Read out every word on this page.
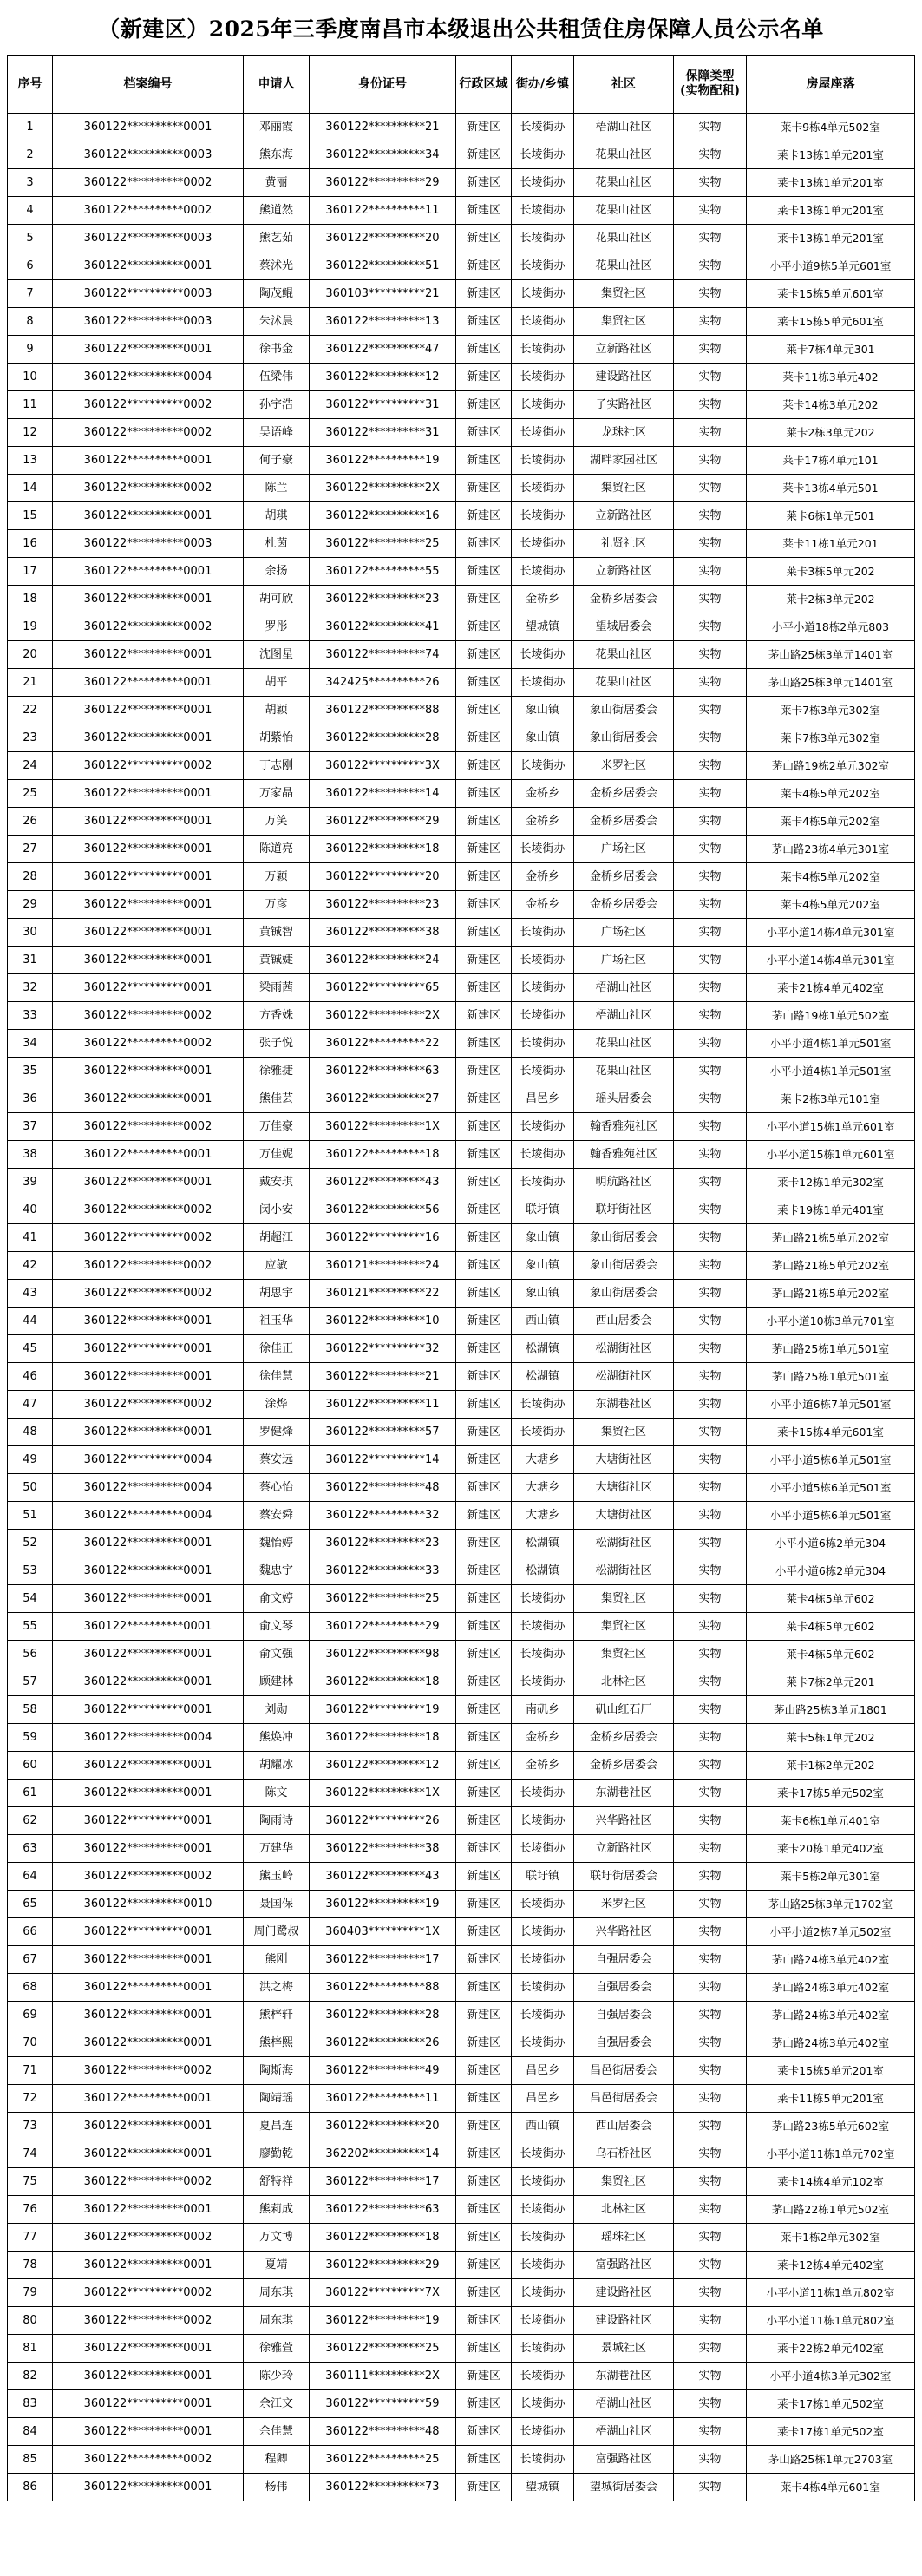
（新建区）2025年三季度南昌市本级退出公共租赁住房保障人员公示名单
序号	档案编号	申请人	身份证号	行政区域	街办/乡镇	社区	保障类型
(实物配租)	房屋座落
1	360122**********0001	邓丽霞	360122**********21	新建区	长堎街办	梧湖山社区	实物	莱卡9栋4单元502室
2	360122**********0003	熊东海	360122**********34	新建区	长堎街办	花果山社区	实物	莱卡13栋1单元201室
3	360122**********0002	黄丽	360122**********29	新建区	长堎街办	花果山社区	实物	莱卡13栋1单元201室
4	360122**********0002	熊道然	360122**********11	新建区	长堎街办	花果山社区	实物	莱卡13栋1单元201室
5	360122**********0003	熊艺茹	360122**********20	新建区	长堎街办	花果山社区	实物	莱卡13栋1单元201室
6	360122**********0001	蔡沭光	360122**********51	新建区	长堎街办	花果山社区	实物	小平小道9栋5单元601室
7	360122**********0003	陶茂鲲	360103**********21	新建区	长堎街办	集贸社区	实物	莱卡15栋5单元601室
8	360122**********0003	朱沭晨	360122**********13	新建区	长堎街办	集贸社区	实物	莱卡15栋5单元601室
9	360122**********0001	徐书金	360122**********47	新建区	长堎街办	立新路社区	实物	莱卡7栋4单元301
10	360122**********0004	伍梁伟	360122**********12	新建区	长堎街办	建设路社区	实物	莱卡11栋3单元402
11	360122**********0002	孙宇浩	360122**********31	新建区	长堎街办	子实路社区	实物	莱卡14栋3单元202
12	360122**********0002	吴语峰	360122**********31	新建区	长堎街办	龙珠社区	实物	莱卡2栋3单元202
13	360122**********0001	何子豪	360122**********19	新建区	长堎街办	湖畔家园社区	实物	莱卡17栋4单元101
14	360122**********0002	陈兰	360122**********2X	新建区	长堎街办	集贸社区	实物	莱卡13栋4单元501
15	360122**********0001	胡琪	360122**********16	新建区	长堎街办	立新路社区	实物	莱卡6栋1单元501
16	360122**********0003	杜茵	360122**********25	新建区	长堎街办	礼贤社区	实物	莱卡11栋1单元201
17	360122**********0001	余扬	360122**********55	新建区	长堎街办	立新路社区	实物	莱卡3栋5单元202
18	360122**********0001	胡可欣	360122**********23	新建区	金桥乡	金桥乡居委会	实物	莱卡2栋3单元202
19	360122**********0002	罗彤	360122**********41	新建区	望城镇	望城居委会	实物	小平小道18栋2单元803
20	360122**********0001	沈图星	360122**********74	新建区	长堎街办	花果山社区	实物	茅山路25栋3单元1401室
21	360122**********0001	胡平	342425**********26	新建区	长堎街办	花果山社区	实物	茅山路25栋3单元1401室
22	360122**********0001	胡颖	360122**********88	新建区	象山镇	象山街居委会	实物	莱卡7栋3单元302室
23	360122**********0001	胡紫怡	360122**********28	新建区	象山镇	象山街居委会	实物	莱卡7栋3单元302室
24	360122**********0002	丁志刚	360122**********3X	新建区	长堎街办	米罗社区	实物	茅山路19栋2单元302室
25	360122**********0001	万家晶	360122**********14	新建区	金桥乡	金桥乡居委会	实物	莱卡4栋5单元202室
26	360122**********0001	万笑	360122**********29	新建区	金桥乡	金桥乡居委会	实物	莱卡4栋5单元202室
27	360122**********0001	陈道亮	360122**********18	新建区	长堎街办	广场社区	实物	茅山路23栋4单元301室
28	360122**********0001	万颖	360122**********20	新建区	金桥乡	金桥乡居委会	实物	莱卡4栋5单元202室
29	360122**********0001	万彦	360122**********23	新建区	金桥乡	金桥乡居委会	实物	莱卡4栋5单元202室
30	360122**********0001	黄铖智	360122**********38	新建区	长堎街办	广场社区	实物	小平小道14栋4单元301室
31	360122**********0001	黄铖婕	360122**********24	新建区	长堎街办	广场社区	实物	小平小道14栋4单元301室
32	360122**********0001	梁雨茜	360122**********65	新建区	长堎街办	梧湖山社区	实物	莱卡21栋4单元402室
33	360122**********0002	方香姝	360122**********2X	新建区	长堎街办	梧湖山社区	实物	茅山路19栋1单元502室
34	360122**********0002	张子悦	360122**********22	新建区	长堎街办	花果山社区	实物	小平小道4栋1单元501室
35	360122**********0001	徐雅捷	360122**********63	新建区	长堎街办	花果山社区	实物	小平小道4栋1单元501室
36	360122**********0001	熊佳芸	360122**********27	新建区	昌邑乡	瑶头居委会	实物	莱卡2栋3单元101室
37	360122**********0002	万佳豪	360122**********1X	新建区	长堎街办	翰香雅苑社区	实物	小平小道15栋1单元601室
38	360122**********0001	万佳妮	360122**********18	新建区	长堎街办	翰香雅苑社区	实物	小平小道15栋1单元601室
39	360122**********0001	戴安琪	360122**********43	新建区	长堎街办	明航路社区	实物	莱卡12栋1单元302室
40	360122**********0002	闵小安	360122**********56	新建区	联圩镇	联圩街社区	实物	莱卡19栋1单元401室
41	360122**********0002	胡超江	360122**********16	新建区	象山镇	象山街居委会	实物	茅山路21栋5单元202室
42	360122**********0002	应敏	360121**********24	新建区	象山镇	象山街居委会	实物	茅山路21栋5单元202室
43	360122**********0002	胡思宇	360121**********22	新建区	象山镇	象山街居委会	实物	茅山路21栋5单元202室
44	360122**********0001	祖玉华	360122**********10	新建区	西山镇	西山居委会	实物	小平小道10栋3单元701室
45	360122**********0001	徐佳正	360122**********32	新建区	松湖镇	松湖街社区	实物	茅山路25栋1单元501室
46	360122**********0001	徐佳慧	360122**********21	新建区	松湖镇	松湖街社区	实物	茅山路25栋1单元501室
47	360122**********0002	涂烨	360122**********11	新建区	长堎街办	东湖巷社区	实物	小平小道6栋7单元501室
48	360122**********0001	罗健烽	360122**********57	新建区	长堎街办	集贸社区	实物	莱卡15栋4单元601室
49	360122**********0004	蔡安远	360122**********14	新建区	大塘乡	大塘街社区	实物	小平小道5栋6单元501室
50	360122**********0004	蔡心怡	360122**********48	新建区	大塘乡	大塘街社区	实物	小平小道5栋6单元501室
51	360122**********0004	蔡安舜	360122**********32	新建区	大塘乡	大塘街社区	实物	小平小道5栋6单元501室
52	360122**********0001	魏怡婷	360122**********23	新建区	松湖镇	松湖街社区	实物	小平小道6栋2单元304
53	360122**********0001	魏忠宇	360122**********33	新建区	松湖镇	松湖街社区	实物	小平小道6栋2单元304
54	360122**********0001	俞文婷	360122**********25	新建区	长堎街办	集贸社区	实物	莱卡4栋5单元602
55	360122**********0001	俞文琴	360122**********29	新建区	长堎街办	集贸社区	实物	莱卡4栋5单元602
56	360122**********0001	俞文强	360122**********98	新建区	长堎街办	集贸社区	实物	莱卡4栋5单元602
57	360122**********0001	顾建林	360122**********18	新建区	长堎街办	北林社区	实物	莱卡7栋2单元201
58	360122**********0001	刘勋	360122**********19	新建区	南矶乡	矶山红石厂	实物	茅山路25栋3单元1801
59	360122**********0004	熊焕冲	360122**********18	新建区	金桥乡	金桥乡居委会	实物	莱卡5栋1单元202
60	360122**********0001	胡耀冰	360122**********12	新建区	金桥乡	金桥乡居委会	实物	莱卡1栋2单元202
61	360122**********0001	陈文	360122**********1X	新建区	长堎街办	东湖巷社区	实物	莱卡17栋5单元502室
62	360122**********0001	陶雨诗	360122**********26	新建区	长堎街办	兴华路社区	实物	莱卡6栋1单元401室
63	360122**********0001	万建华	360122**********38	新建区	长堎街办	立新路社区	实物	莱卡20栋1单元402室
64	360122**********0002	熊玉岭	360122**********43	新建区	联圩镇	联圩街居委会	实物	莱卡5栋2单元301室
65	360122**********0010	聂国保	360122**********19	新建区	长堎街办	米罗社区	实物	茅山路25栋3单元1702室
66	360122**********0001	周门鹭叔	360403**********1X	新建区	长堎街办	兴华路社区	实物	小平小道2栋7单元502室
67	360122**********0001	熊刚	360122**********17	新建区	长堎街办	自强居委会	实物	茅山路24栋3单元402室
68	360122**********0001	洪之梅	360122**********88	新建区	长堎街办	自强居委会	实物	茅山路24栋3单元402室
69	360122**********0001	熊梓轩	360122**********28	新建区	长堎街办	自强居委会	实物	茅山路24栋3单元402室
70	360122**********0001	熊梓熙	360122**********26	新建区	长堎街办	自强居委会	实物	茅山路24栋3单元402室
71	360122**********0002	陶斯海	360122**********49	新建区	昌邑乡	昌邑街居委会	实物	莱卡15栋5单元201室
72	360122**********0001	陶靖瑶	360122**********11	新建区	昌邑乡	昌邑街居委会	实物	莱卡11栋5单元201室
73	360122**********0001	夏昌连	360122**********20	新建区	西山镇	西山居委会	实物	茅山路23栋5单元602室
74	360122**********0001	廖勤乾	362202**********14	新建区	长堎街办	乌石桥社区	实物	小平小道11栋1单元702室
75	360122**********0002	舒特祥	360122**********17	新建区	长堎街办	集贸社区	实物	莱卡14栋4单元102室
76	360122**********0001	熊莉成	360122**********63	新建区	长堎街办	北林社区	实物	茅山路22栋1单元502室
77	360122**********0002	万文博	360122**********18	新建区	长堎街办	瑶珠社区	实物	莱卡1栋2单元302室
78	360122**********0001	夏靖	360122**********29	新建区	长堎街办	富强路社区	实物	莱卡12栋4单元402室
79	360122**********0002	周东琪	360122**********7X	新建区	长堎街办	建设路社区	实物	小平小道11栋1单元802室
80	360122**********0002	周东琪	360122**********19	新建区	长堎街办	建设路社区	实物	小平小道11栋1单元802室
81	360122**********0001	徐雅萱	360122**********25	新建区	长堎街办	景城社区	实物	莱卡22栋2单元402室
82	360122**********0001	陈少玲	360111**********2X	新建区	长堎街办	东湖巷社区	实物	小平小道4栋3单元302室
83	360122**********0001	余江文	360122**********59	新建区	长堎街办	梧湖山社区	实物	莱卡17栋1单元502室
84	360122**********0001	余佳慧	360122**********48	新建区	长堎街办	梧湖山社区	实物	莱卡17栋1单元502室
85	360122**********0002	程卿	360122**********25	新建区	长堎街办	富强路社区	实物	茅山路25栋1单元2703室
86	360122**********0001	杨伟	360122**********73	新建区	望城镇	望城街居委会	实物	莱卡4栋4单元601室
